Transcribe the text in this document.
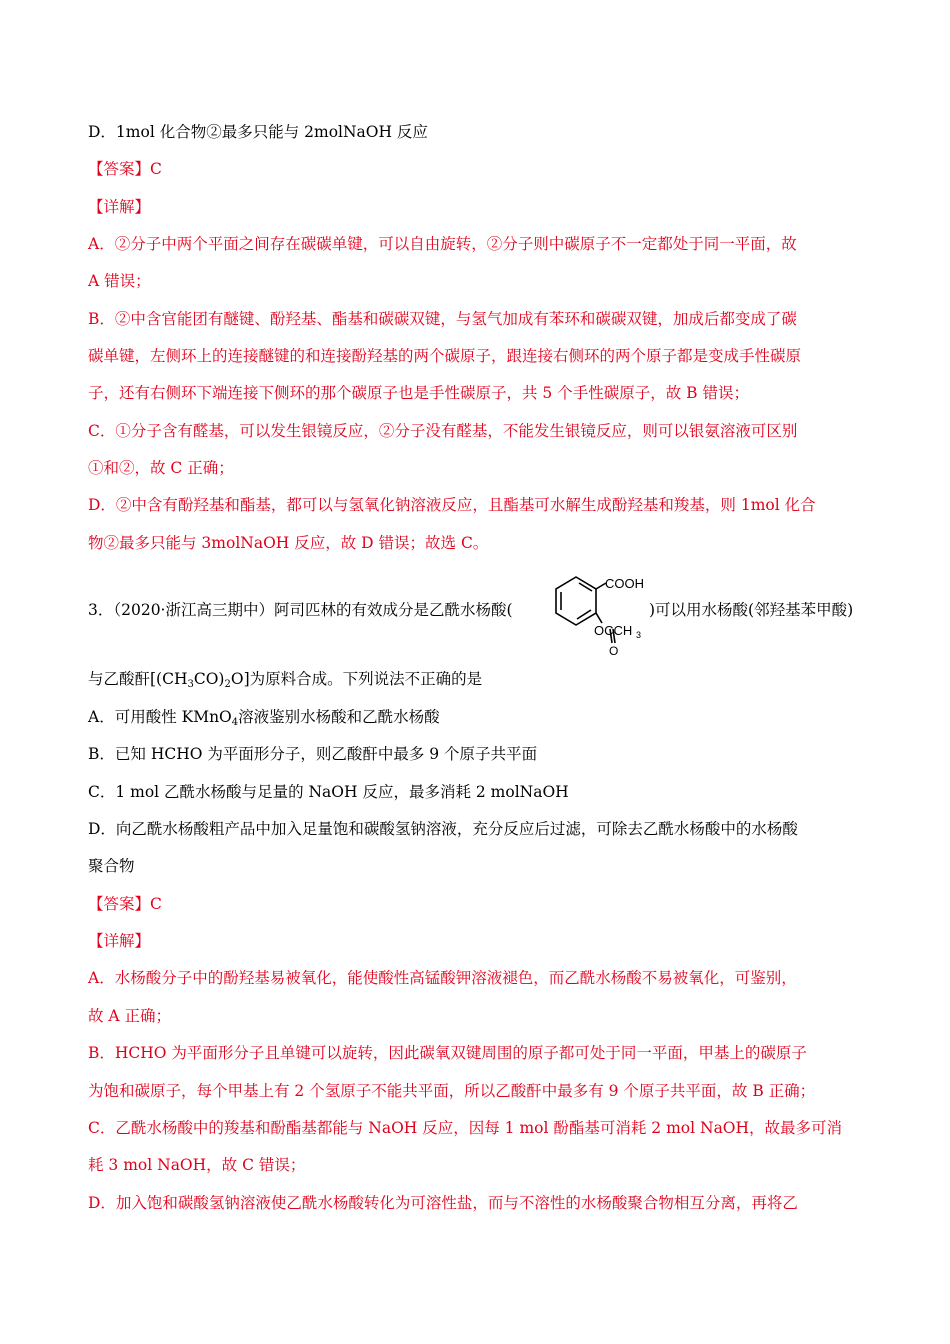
D．1mol 化合物②最多只能与 2molNaOH 反应
【答案】C
【详解】
A．②分子中两个平面之间存在碳碳单键，可以自由旋转，②分子则中碳原子不一定都处于同一平面，故
A 错误；
B．②中含官能团有醚键、酚羟基、酯基和碳碳双键，与氢气加成有苯环和碳碳双键，加成后都变成了碳
碳单键，左侧环上的连接醚键的和连接酚羟基的两个碳原子，跟连接右侧环的两个原子都是变成手性碳原
子，还有右侧环下端连接下侧环的那个碳原子也是手性碳原子，共 5 个手性碳原子，故 B 错误；
C．①分子含有醛基，可以发生银镜反应，②分子没有醛基，不能发生银镜反应，则可以银氨溶液可区别
①和②，故 C 正确；
D．②中含有酚羟基和酯基，都可以与氢氧化钠溶液反应，且酯基可水解生成酚羟基和羧基，则 1mol 化合
物②最多只能与 3molNaOH 反应，故 D 错误；故选 C。
3．（2020·浙江高三期中）阿司匹林的有效成分是乙酰水杨酸(
COOH
OCCH 3
O
)可以用水杨酸(邻羟基苯甲酸)
与乙酸酐$[(CH_3CO)_2O]$为原料合成。下列说法不正确的是
A．可用酸性 KMnO$_4$溶液鉴别水杨酸和乙酰水杨酸
B．已知 HCHO 为平面形分子，则乙酸酐中最多 9 个原子共平面
C．1 mol 乙酰水杨酸与足量的 NaOH 反应，最多消耗 2 molNaOH
D．向乙酰水杨酸粗产品中加入足量饱和碳酸氢钠溶液，充分反应后过滤，可除去乙酰水杨酸中的水杨酸
聚合物
【答案】C
【详解】
A．水杨酸分子中的酚羟基易被氧化，能使酸性高锰酸钾溶液褪色，而乙酰水杨酸不易被氧化，可鉴别，
故 A 正确；
B．HCHO 为平面形分子且单键可以旋转，因此碳氧双键周围的原子都可处于同一平面，甲基上的碳原子
为饱和碳原子，每个甲基上有 2 个氢原子不能共平面，所以乙酸酐中最多有 9 个原子共平面，故 B 正确；
C．乙酰水杨酸中的羧基和酚酯基都能与 NaOH 反应，因每 1 mol 酚酯基可消耗 2 mol NaOH，故最多可消
耗 3 mol NaOH，故 C 错误；
D．加入饱和碳酸氢钠溶液使乙酰水杨酸转化为可溶性盐，而与不溶性的水杨酸聚合物相互分离，再将乙
